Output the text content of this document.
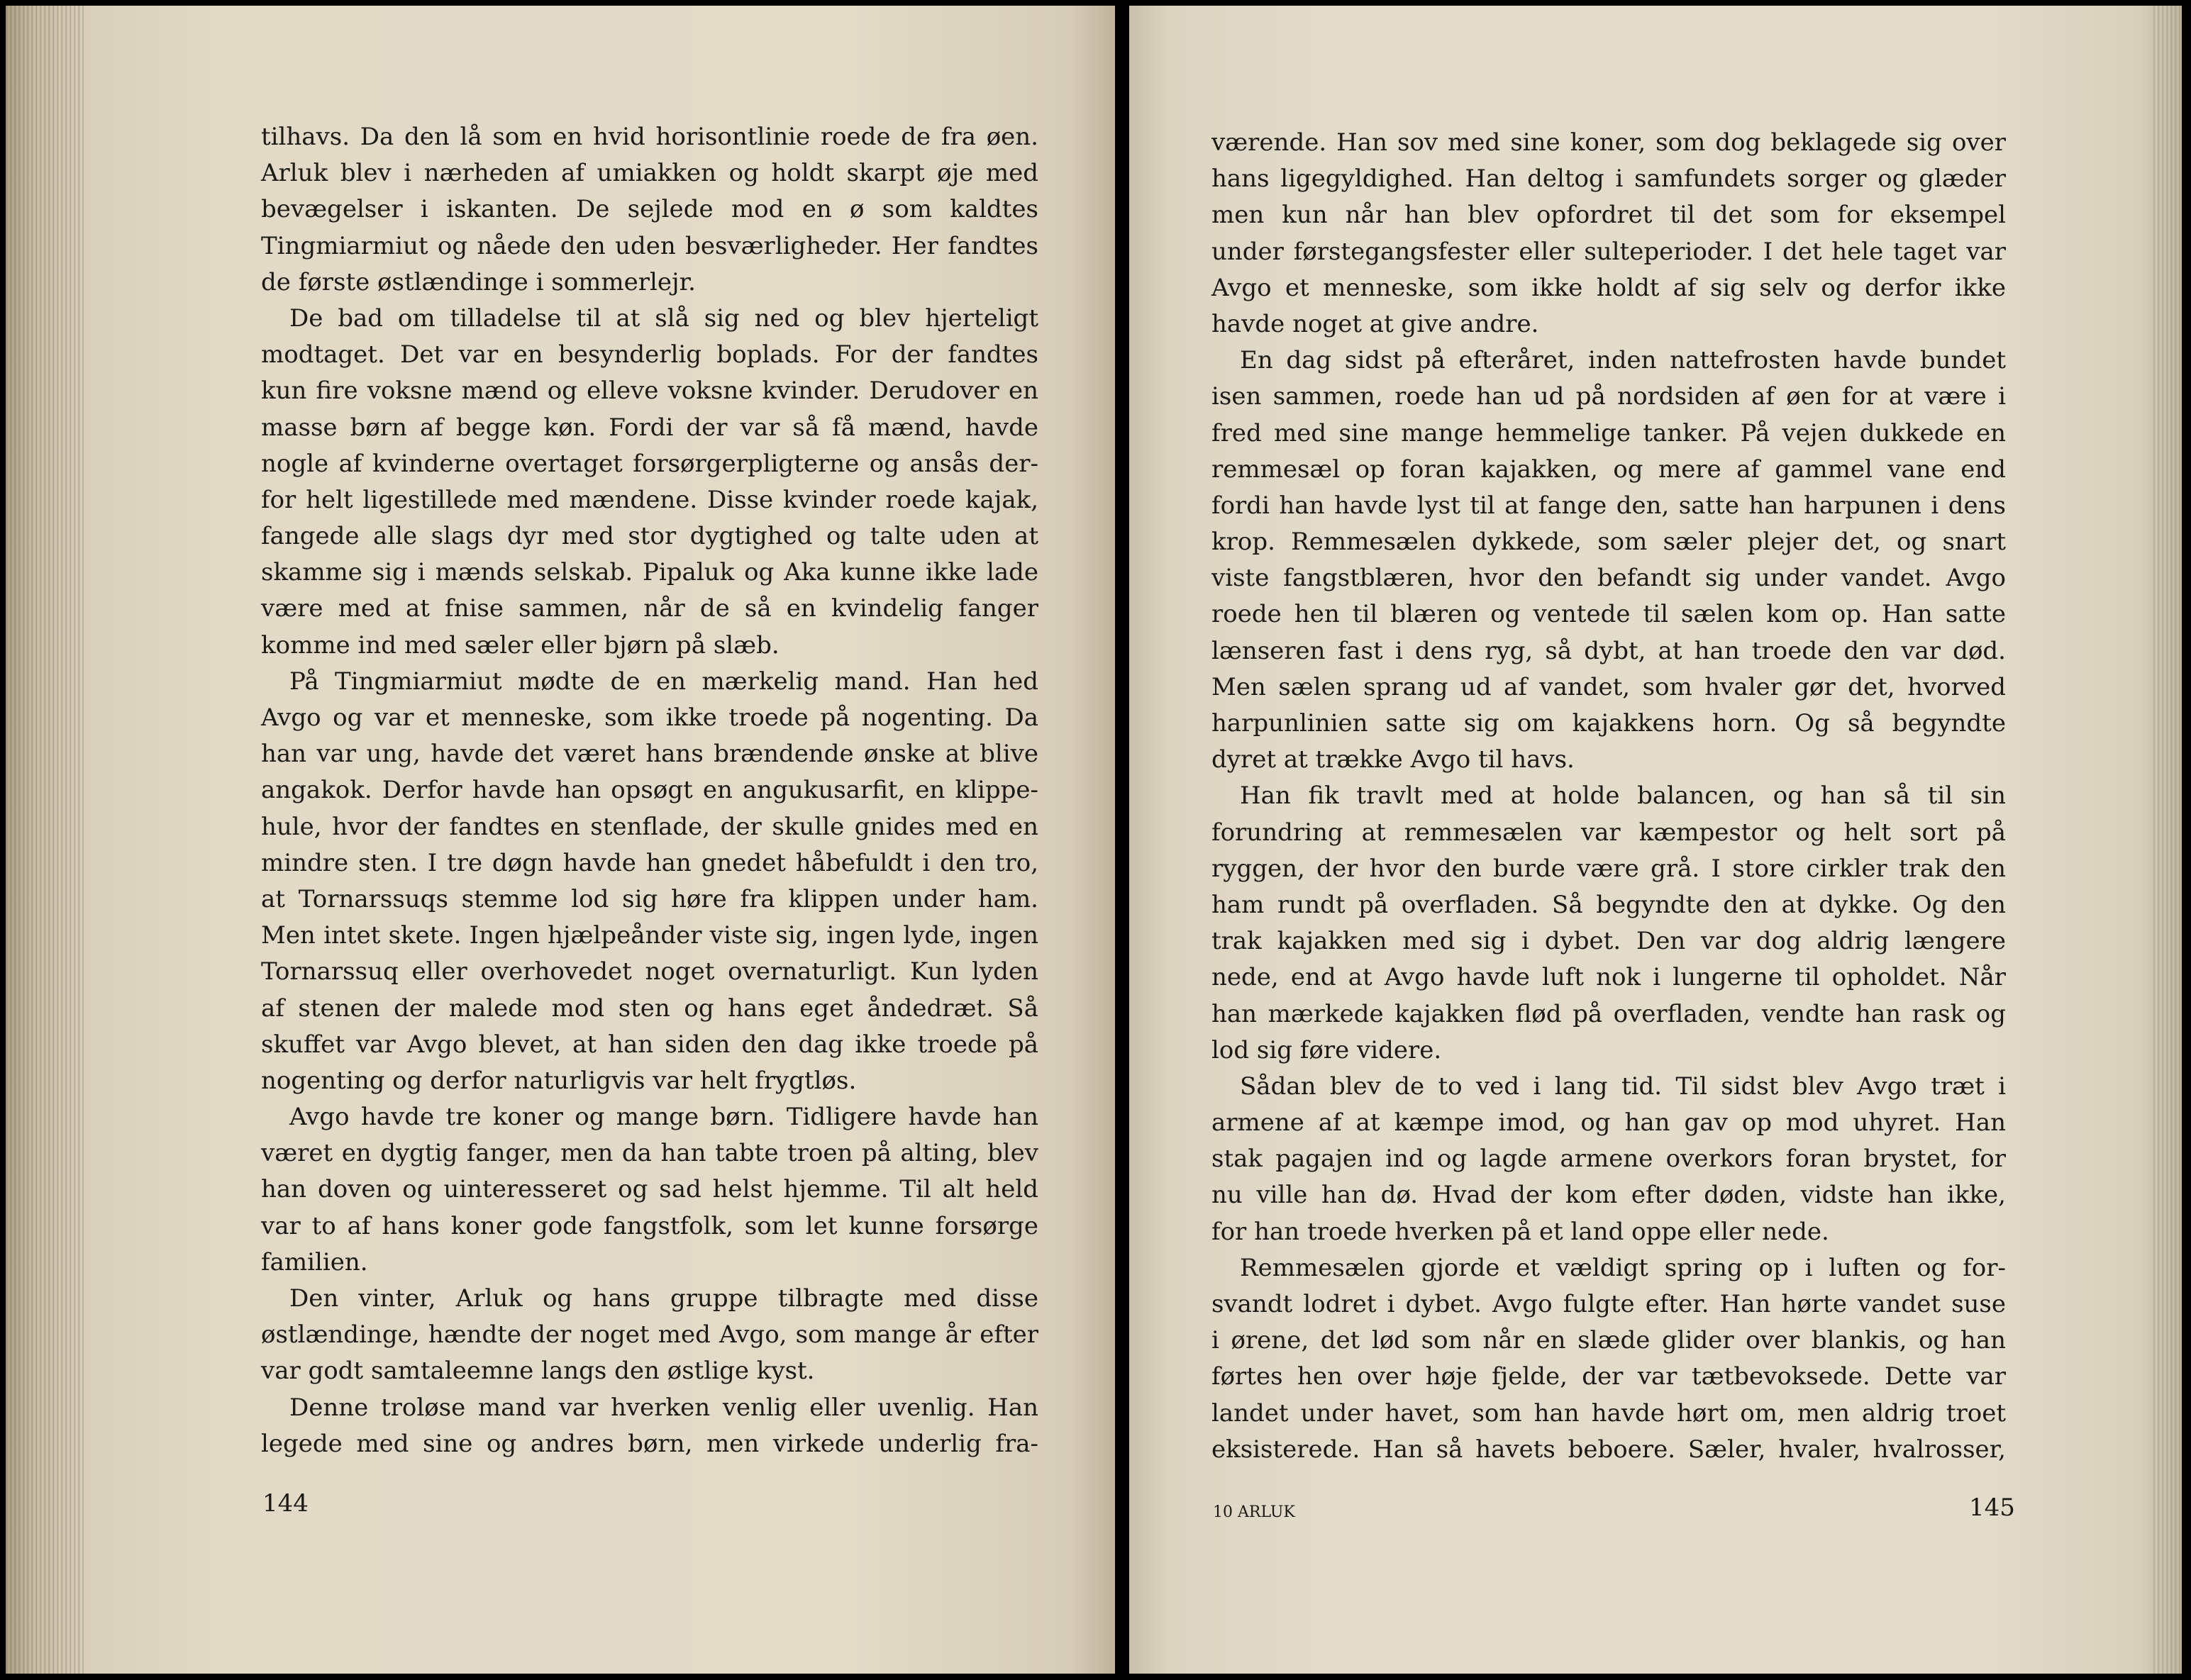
tilhavs. Da den lå som en hvid horisontlinie roede de fra øen.
Arluk blev i nærheden af umiakken og holdt skarpt øje med
bevægelser i iskanten. De sejlede mod en ø som kaldtes
Tingmiarmiut og nåede den uden besværligheder. Her fandtes
de første østlændinge i sommerlejr.
De bad om tilladelse til at slå sig ned og blev hjerteligt
modtaget. Det var en besynderlig boplads. For der fandtes
kun fire voksne mænd og elleve voksne kvinder. Derudover en
masse børn af begge køn. Fordi der var så få mænd, havde
nogle af kvinderne overtaget forsørgerpligterne og ansås der-
for helt ligestillede med mændene. Disse kvinder roede kajak,
fangede alle slags dyr med stor dygtighed og talte uden at
skamme sig i mænds selskab. Pipaluk og Aka kunne ikke lade
være med at fnise sammen, når de så en kvindelig fanger
komme ind med sæler eller bjørn på slæb.
På Tingmiarmiut mødte de en mærkelig mand. Han hed
Avgo og var et menneske, som ikke troede på nogenting. Da
han var ung, havde det været hans brændende ønske at blive
angakok. Derfor havde han opsøgt en angukusarfit, en klippe-
hule, hvor der fandtes en stenflade, der skulle gnides med en
mindre sten. I tre døgn havde han gnedet håbefuldt i den tro,
at Tornarssuqs stemme lod sig høre fra klippen under ham.
Men intet skete. Ingen hjælpeånder viste sig, ingen lyde, ingen
Tornarssuq eller overhovedet noget overnaturligt. Kun lyden
af stenen der malede mod sten og hans eget åndedræt. Så
skuffet var Avgo blevet, at han siden den dag ikke troede på
nogenting og derfor naturligvis var helt frygtløs.
Avgo havde tre koner og mange børn. Tidligere havde han
været en dygtig fanger, men da han tabte troen på alting, blev
han doven og uinteresseret og sad helst hjemme. Til alt held
var to af hans koner gode fangstfolk, som let kunne forsørge
familien.
Den vinter, Arluk og hans gruppe tilbragte med disse
østlændinge, hændte der noget med Avgo, som mange år efter
var godt samtaleemne langs den østlige kyst.
Denne troløse mand var hverken venlig eller uvenlig. Han
legede med sine og andres børn, men virkede underlig fra-
144
værende. Han sov med sine koner, som dog beklagede sig over
hans ligegyldighed. Han deltog i samfundets sorger og glæder
men kun når han blev opfordret til det som for eksempel
under førstegangsfester eller sulteperioder. I det hele taget var
Avgo et menneske, som ikke holdt af sig selv og derfor ikke
havde noget at give andre.
En dag sidst på efteråret, inden nattefrosten havde bundet
isen sammen, roede han ud på nordsiden af øen for at være i
fred med sine mange hemmelige tanker. På vejen dukkede en
remmesæl op foran kajakken, og mere af gammel vane end
fordi han havde lyst til at fange den, satte han harpunen i dens
krop. Remmesælen dykkede, som sæler plejer det, og snart
viste fangstblæren, hvor den befandt sig under vandet. Avgo
roede hen til blæren og ventede til sælen kom op. Han satte
lænseren fast i dens ryg, så dybt, at han troede den var død.
Men sælen sprang ud af vandet, som hvaler gør det, hvorved
harpunlinien satte sig om kajakkens horn. Og så begyndte
dyret at trække Avgo til havs.
Han fik travlt med at holde balancen, og han så til sin
forundring at remmesælen var kæmpestor og helt sort på
ryggen, der hvor den burde være grå. I store cirkler trak den
ham rundt på overfladen. Så begyndte den at dykke. Og den
trak kajakken med sig i dybet. Den var dog aldrig længere
nede, end at Avgo havde luft nok i lungerne til opholdet. Når
han mærkede kajakken flød på overfladen, vendte han rask og
lod sig føre videre.
Sådan blev de to ved i lang tid. Til sidst blev Avgo træt i
armene af at kæmpe imod, og han gav op mod uhyret. Han
stak pagajen ind og lagde armene overkors foran brystet, for
nu ville han dø. Hvad der kom efter døden, vidste han ikke,
for han troede hverken på et land oppe eller nede.
Remmesælen gjorde et vældigt spring op i luften og for-
svandt lodret i dybet. Avgo fulgte efter. Han hørte vandet suse
i ørene, det lød som når en slæde glider over blankis, og han
førtes hen over høje fjelde, der var tætbevoksede. Dette var
landet under havet, som han havde hørt om, men aldrig troet
eksisterede. Han så havets beboere. Sæler, hvaler, hvalrosser,
10 ARLUK	145
